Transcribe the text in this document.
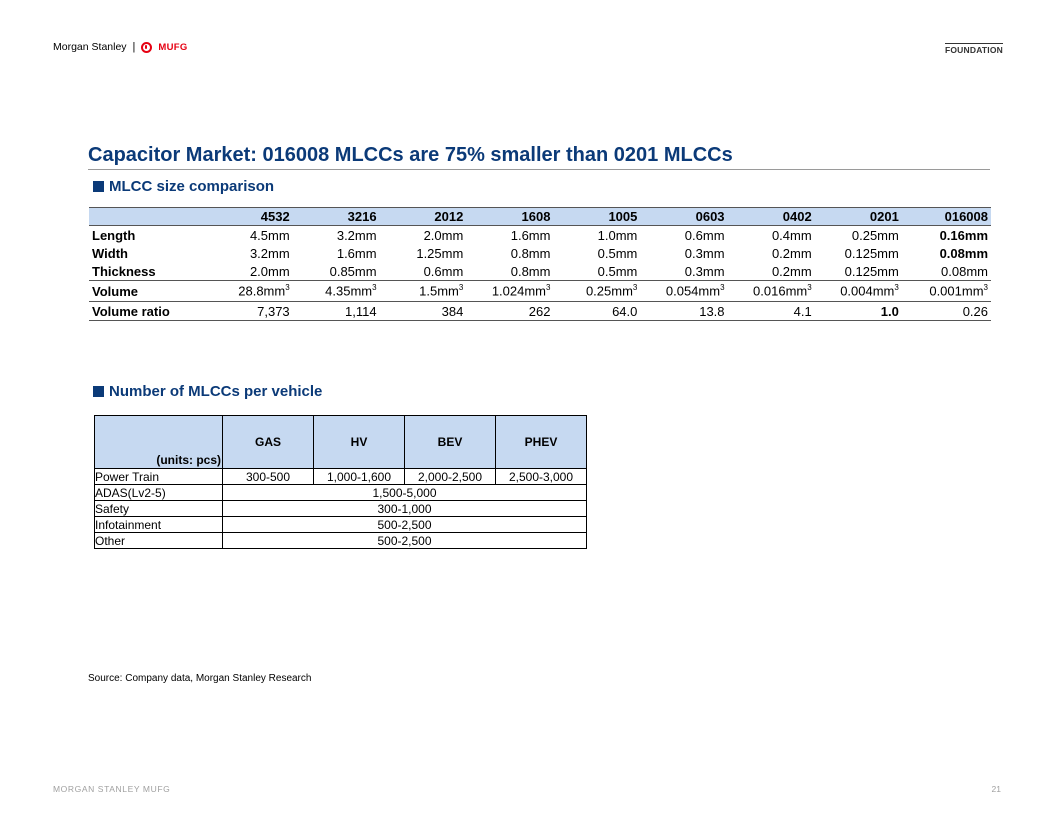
Morgan Stanley | MUFG	FOUNDATION
Capacitor Market: 016008 MLCCs are 75% smaller than 0201 MLCCs
MLCC size comparison
	4532	3216	2012	1608	1005	0603	0402	0201	016008
Length	4.5mm	3.2mm	2.0mm	1.6mm	1.0mm	0.6mm	0.4mm	0.25mm	0.16mm
Width	3.2mm	1.6mm	1.25mm	0.8mm	0.5mm	0.3mm	0.2mm	0.125mm	0.08mm
Thickness	2.0mm	0.85mm	0.6mm	0.8mm	0.5mm	0.3mm	0.2mm	0.125mm	0.08mm
Volume	$28.8mm^3$	$4.35mm^3$	$1.5mm^3$	$1.024mm^3$	$0.25mm^3$	$0.054mm^3$	$0.016mm^3$	$0.004mm^3$	$0.001mm^3$
Volume ratio	7,373	1,114	384	262	64.0	13.8	4.1	1.0	0.26
Number of MLCCs per vehicle
(units: pcs)	GAS	HV	BEV	PHEV
Power Train	300-500	1,000-1,600	2,000-2,500	2,500-3,000
ADAS(Lv2-5)	1,500-5,000			
Safety	300-1,000			
Infotainment	500-2,500			
Other	500-2,500			
Source: Company data, Morgan Stanley Research
MORGAN STANLEY MUFG	21
